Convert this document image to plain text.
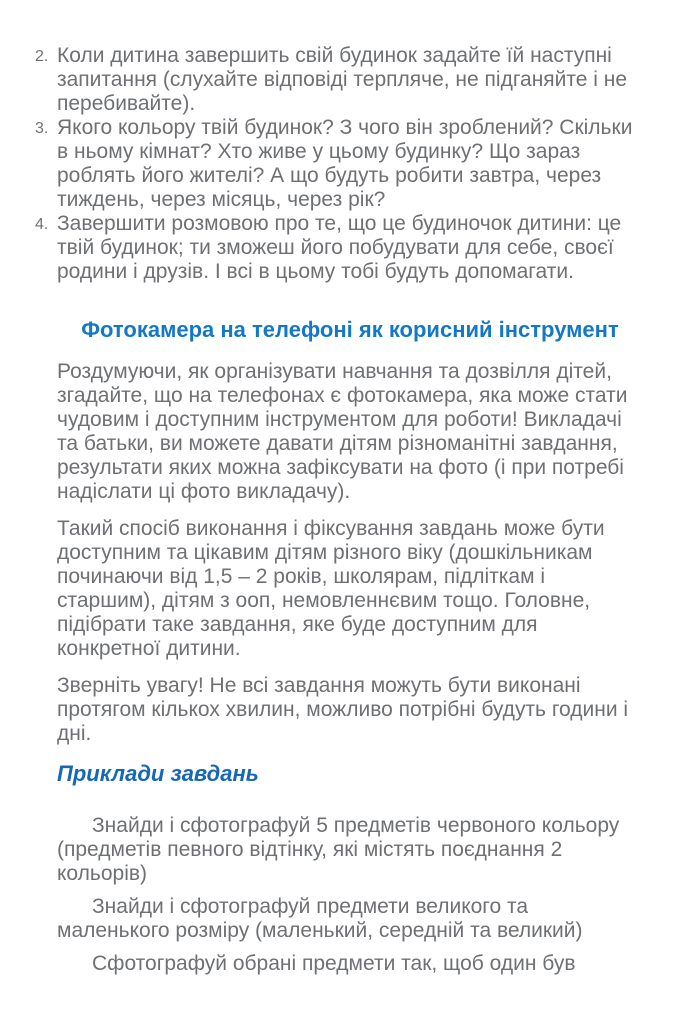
2. Коли дитина завершить свій будинок задайте їй наступні запитання (слухайте відповіді терпляче, не підганяйте і не перебивайте).
3. Якого кольору твій будинок? З чого він зроблений? Скільки в ньому кімнат? Хто живе у цьому будинку? Що зараз роблять його жителі? А що будуть робити завтра, через тиждень, через місяць, через рік?
4. Завершити розмовою про те, що це будиночок дитини: це твій будинок; ти зможеш його побудувати для себе, своєї родини і друзів. І всі в цьому тобі будуть допомагати.
Фотокамера на телефоні як корисний інструмент

Роздумуючи, як організувати навчання та дозвілля дітей, згадайте, що на телефонах є фотокамера, яка може стати чудовим і доступним інструментом для роботи! Викладачі та батьки, ви можете давати дітям різноманітні завдання, результати яких можна зафіксувати на фото (і при потребі надіслати ці фото викладачу).

Такий спосіб виконання і фіксування завдань може бути доступним та цікавим дітям різного віку (дошкільникам починаючи від 1,5 – 2 років, школярам, підліткам і старшим), дітям з ооп, немовленнєвим тощо. Головне, підібрати таке завдання, яке буде доступним для конкретної дитини.

Зверніть увагу! Не всі завдання можуть бути виконані протягом кількох хвилин, можливо потрібні будуть години і дні.

Приклади завдань

Знайди і сфотографуй 5 предметів червоного кольору (предметів певного відтінку, які містять поєднання 2 кольорів)

Знайди і сфотографуй предмети великого та маленького розміру (маленький, середній та великий)

Сфотографуй обрані предмети так, щоб один був
